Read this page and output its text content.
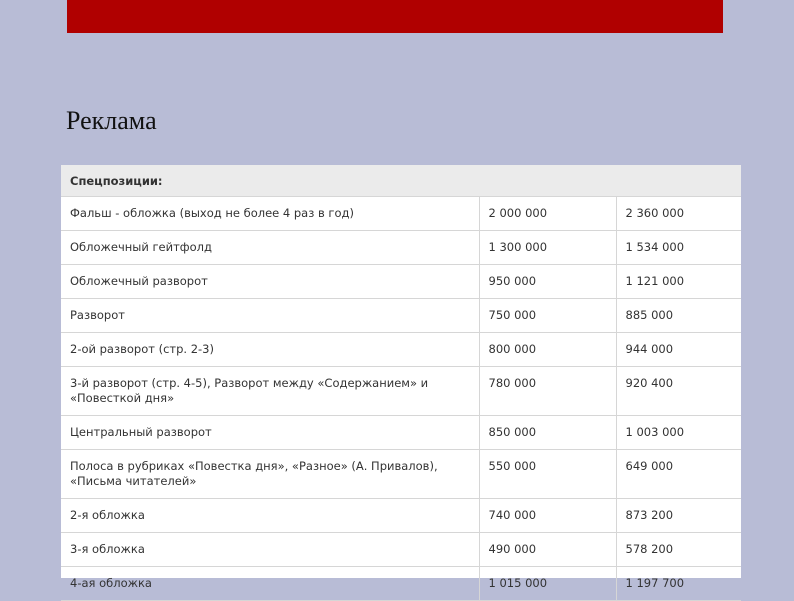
Реклама
Спецпозиции:		
Фальш - обложка (выход не более 4 раз в год)	2 000 000	2 360 000
Обложечный гейтфолд	1 300 000	1 534 000
Обложечный разворот	950 000	1 121 000
Разворот	750 000	885 000
2-ой разворот (стр. 2-3)	800 000	944 000
3-й разворот (стр. 4-5), Разворот между «Содержанием» и «Повесткой дня»	780 000	920 400
Центральный разворот	850 000	1 003 000
Полоса в рубриках «Повестка дня», «Разное» (А. Привалов), «Письма читателей»	550 000	649 000
2-я обложка	740 000	873 200
3-я обложка	490 000	578 200
4-ая обложка	1 015 000	1 197 700
